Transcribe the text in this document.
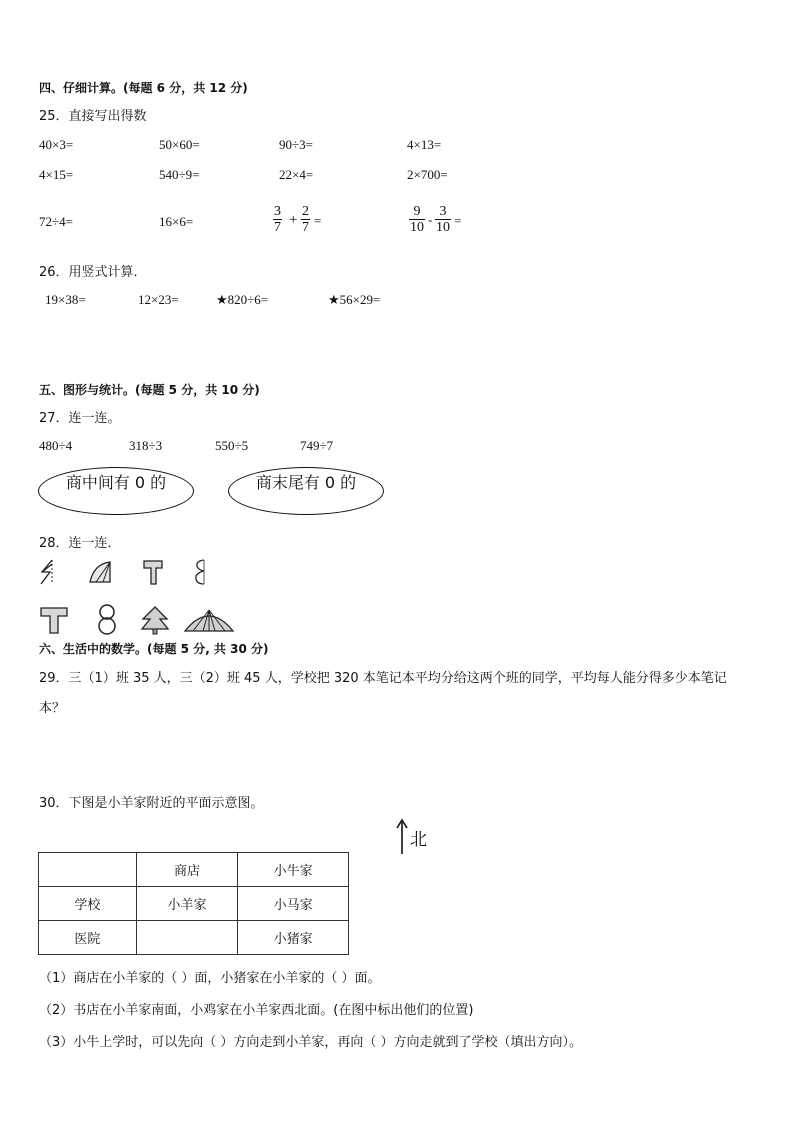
四、仔细计算。(每题 6 分，共 12 分)
25．直接写出得数
40×3=	50×60=	90÷3=	4×13=
4×15=	540÷9=	22×4=	2×700=
72÷4=	16×6=	$\frac{3}{7} + \frac{2}{7}$ =	$\frac{9}{10} - \frac{3}{10}$ =
26．用竖式计算．
19×38=	12×23=	★820÷6=	★56×29=
五、图形与统计。(每题 5 分，共 10 分)
27．连一连。
480÷4	318÷3	550÷5	749÷7
商中间有 0 的	商末尾有 0 的
28．连一连．
六、生活中的数学。(每题 5 分, 共 30 分)
29．三（1）班 35 人，三（2）班 45 人，学校把 320 本笔记本平均分给这两个班的同学，平均每人能分得多少本笔记
本？
30．下图是小羊家附近的平面示意图。
北
	商店	小牛家
学校	小羊家	小马家
医院		小猪家
（1）商店在小羊家的（ ）面，小猪家在小羊家的（ ）面。
（2）书店在小羊家南面，小鸡家在小羊家西北面。(在图中标出他们的位置)
（3）小牛上学时，可以先向（ ）方向走到小羊家，再向（ ）方向走就到了学校（填出方向）。
